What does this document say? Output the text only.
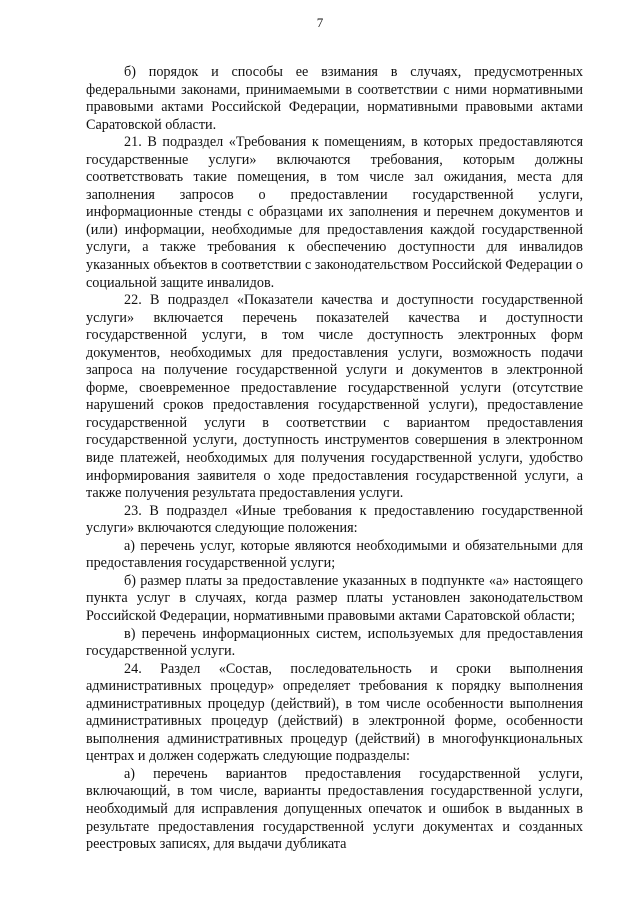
7

б) порядок и способы ее взимания в случаях, предусмотренных федеральными законами, принимаемыми в соответствии с ними нормативными правовыми актами Российской Федерации, нормативными правовыми актами Саратовской области.

21. В подраздел «Требования к помещениям, в которых предоставляются государственные услуги» включаются требования, которым должны соответствовать такие помещения, в том числе зал ожидания, места для заполнения запросов о предоставлении государственной услуги, информационные стенды с образцами их заполнения и перечнем документов и (или) информации, необходимые для предоставления каждой государственной услуги, а также требования к обеспечению доступности для инвалидов указанных объектов в соответствии с законодательством Российской Федерации о социальной защите инвалидов.

22. В подраздел «Показатели качества и доступности государственной услуги» включается перечень показателей качества и доступности государственной услуги, в том числе доступность электронных форм документов, необходимых для предоставления услуги, возможность подачи запроса на получение государственной услуги и документов в электронной форме, своевременное предоставление государственной услуги (отсутствие нарушений сроков предоставления государственной услуги), предоставление государственной услуги в соответствии с вариантом предоставления государственной услуги, доступность инструментов совершения в электронном виде платежей, необходимых для получения государственной услуги, удобство информирования заявителя о ходе предоставления государственной услуги, а также получения результата предоставления услуги.

23. В подраздел «Иные требования к предоставлению государственной услуги» включаются следующие положения:

а) перечень услуг, которые являются необходимыми и обязательными для предоставления государственной услуги;

б) размер платы за предоставление указанных в подпункте «а» настоящего пункта услуг в случаях, когда размер платы установлен законодательством Российской Федерации, нормативными правовыми актами Саратовской области;

в) перечень информационных систем, используемых для предоставления государственной услуги.

24. Раздел «Состав, последовательность и сроки выполнения административных процедур» определяет требования к порядку выполнения административных процедур (действий), в том числе особенности выполнения административных процедур (действий) в электронной форме, особенности выполнения административных процедур (действий) в многофункциональных центрах и должен содержать следующие подразделы:

а) перечень вариантов предоставления государственной услуги, включающий, в том числе, варианты предоставления государственной услуги, необходимый для исправления допущенных опечаток и ошибок в выданных в результате предоставления государственной услуги документах и созданных реестровых записях, для выдачи дубликата
